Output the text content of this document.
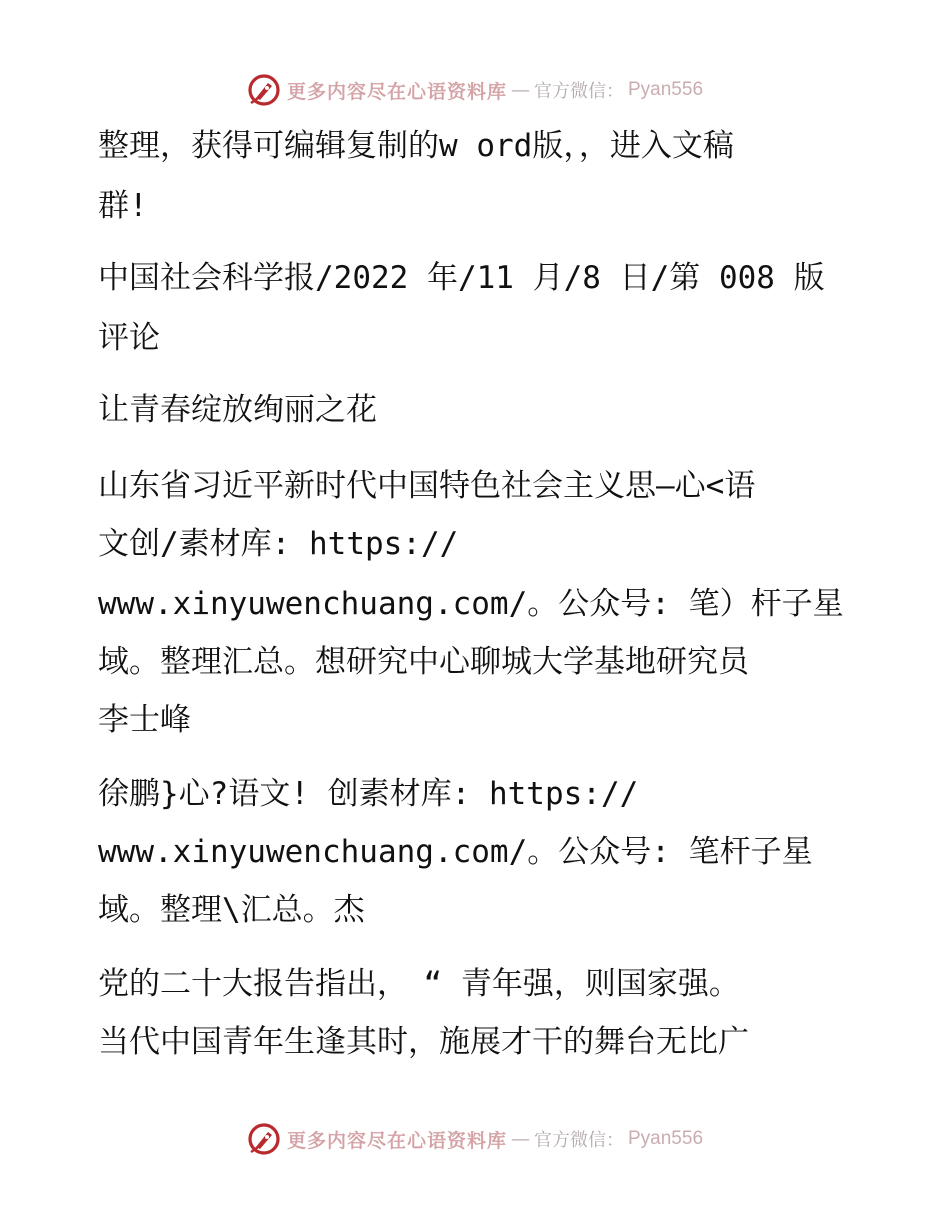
更多内容尽在心语资料库 — 官方微信： Pyan556
整理，获得可编辑复制的w ord版，，进入文稿
群!
中国社会科学报/2022 年/11 月/8 日/第 008 版
评论
让青春绽放绚丽之花
山东省习近平新时代中国特色社会主义思—心<语
文创/素材库: https://
www.xinyuwenchuang.com/。公众号: 笔）杆子星
域。整理汇总。想研究中心聊城大学基地研究员
李士峰
徐鹏}心?语文! 创素材库: https://
www.xinyuwenchuang.com/。公众号: 笔杆子星
域。整理\汇总。杰
党的二十大报告指出，　“ 青年强，则国家强。
当代中国青年生逢其时，施展才干的舞台无比广
更多内容尽在心语资料库 — 官方微信： Pyan556
